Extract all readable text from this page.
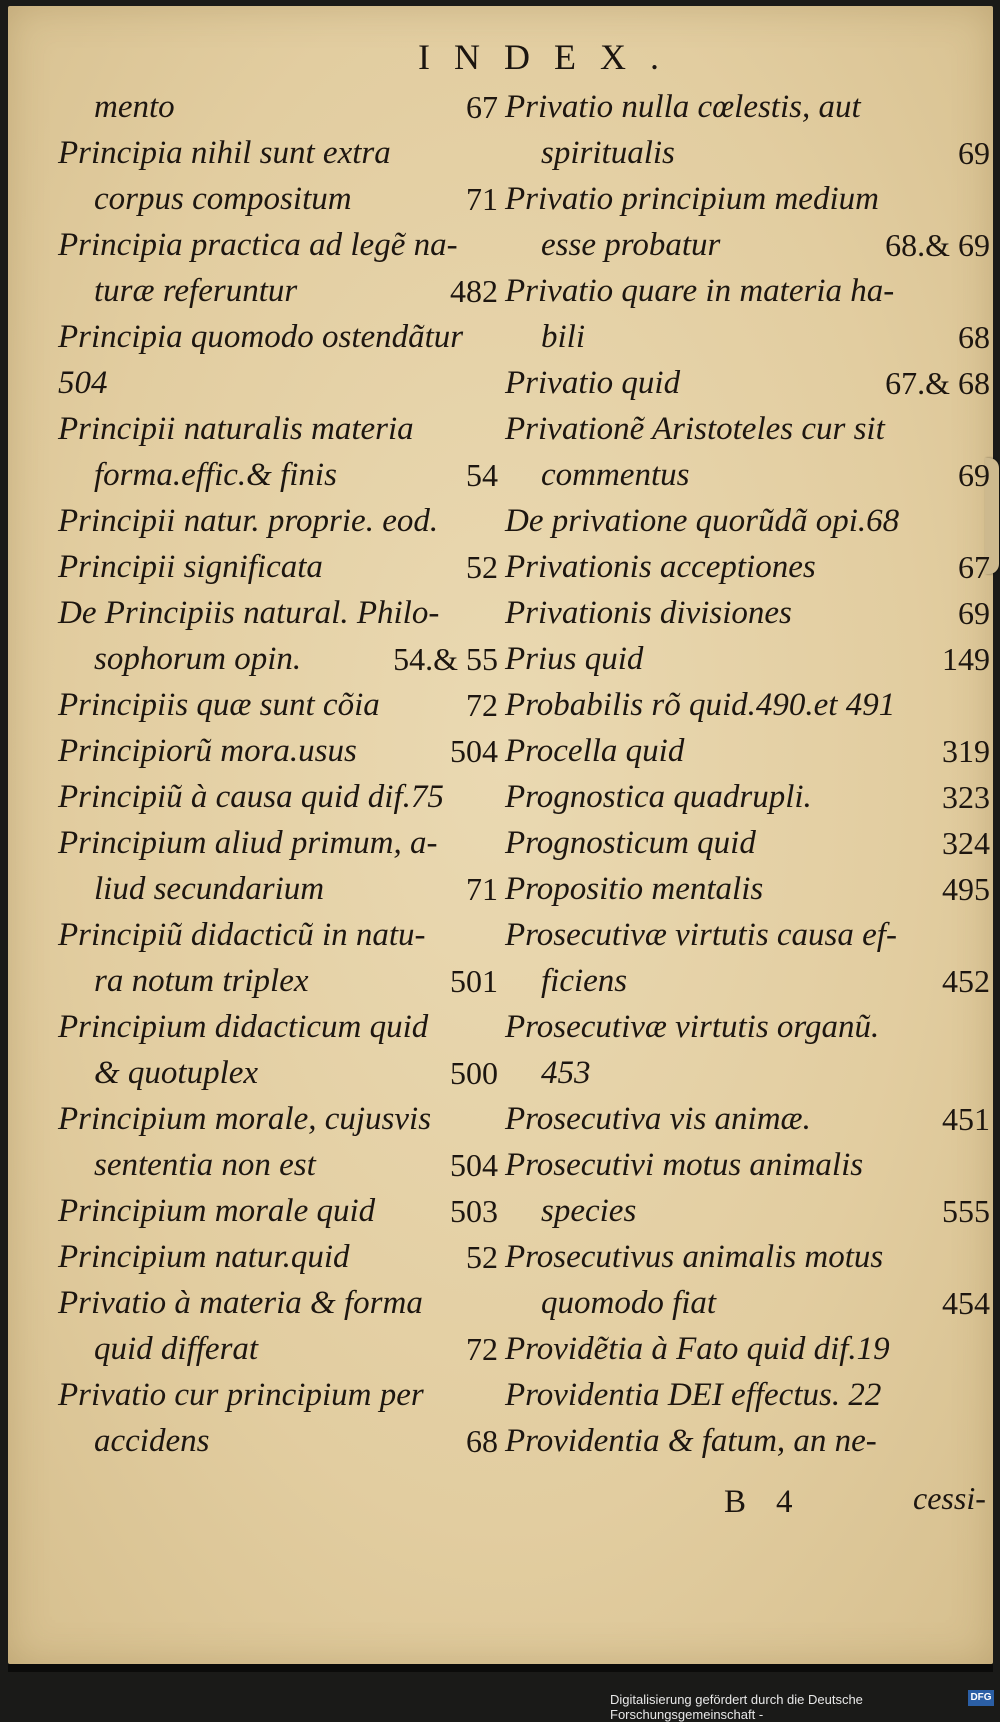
INDEX.
mento	67
Principia nihil sunt extra
corpus compositum	71
Principia practica ad legẽ na-
turæ referuntur	482
Principia quomodo ostendãtur
504
Principii naturalis materia
forma.effic.& finis	54
Principii natur. proprie. eod.
Principii significata	52
De Principiis natural. Philo-
sophorum opin.	54.& 55
Principiis quæ sunt cõia	72
Principiorũ mora.usus	504
Principiũ à causa quid dif.75
Principium aliud primum, a-
liud secundarium	71
Principiũ didacticũ in natu-
ra notum triplex	501
Principium didacticum quid
& quotuplex	500
Principium morale, cujusvis
sententia non est	504
Principium morale quid 503
Principium natur.quid	52
Privatio à materia & forma
quid differat	72
Privatio cur principium per
accidens	68
Privatio nulla cœlestis, aut
spiritualis	69
Privatio principium medium
esse probatur	68.& 69
Privatio quare in materia ha-
bili	68
Privatio quid	67.& 68
Privationẽ Aristoteles cur sit
commentus	69
De privatione quorũdã opi.68
Privationis acceptiones	67
Privationis divisiones	69
Prius quid	149
Probabilis rõ quid.490.et 491
Procella quid	319
Prognostica quadrupli.	323
Prognosticum quid	324
Propositio mentalis	495
Prosecutivæ virtutis causa ef-
ficiens	452
Prosecutivæ virtutis organũ.
453
Prosecutiva vis animæ.	451
Prosecutivi motus animalis
species	555
Prosecutivus animalis motus
quomodo fiat	454
Providẽtia à Fato quid dif.19
Providentia DEI effectus. 22
Providentia & fatum, an ne-
B 4	cessi-
Digitalisierung gefördert durch die Deutsche Forschungsgemeinschaft -
DFG
